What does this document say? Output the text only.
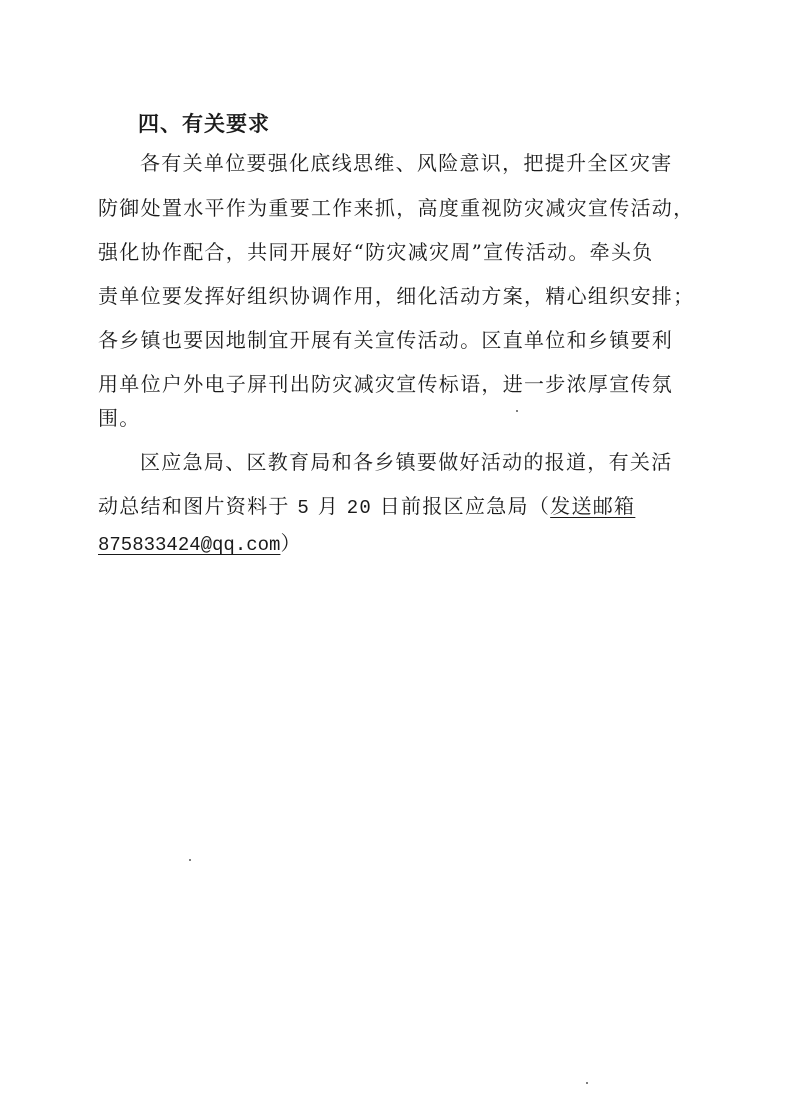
四、有关要求
各有关单位要强化底线思维、风险意识，把提升全区灾害
防御处置水平作为重要工作来抓，高度重视防灾减灾宣传活动，
强化协作配合，共同开展好“防灾减灾周”宣传活动。牵头负
责单位要发挥好组织协调作用，细化活动方案，精心组织安排；
各乡镇也要因地制宜开展有关宣传活动。区直单位和乡镇要利
用单位户外电子屏刊出防灾减灾宣传标语，进一步浓厚宣传氛
围。
区应急局、区教育局和各乡镇要做好活动的报道，有关活
动总结和图片资料于 5 月 20 日前报区应急局（发送邮箱
875833424@qq.com）
